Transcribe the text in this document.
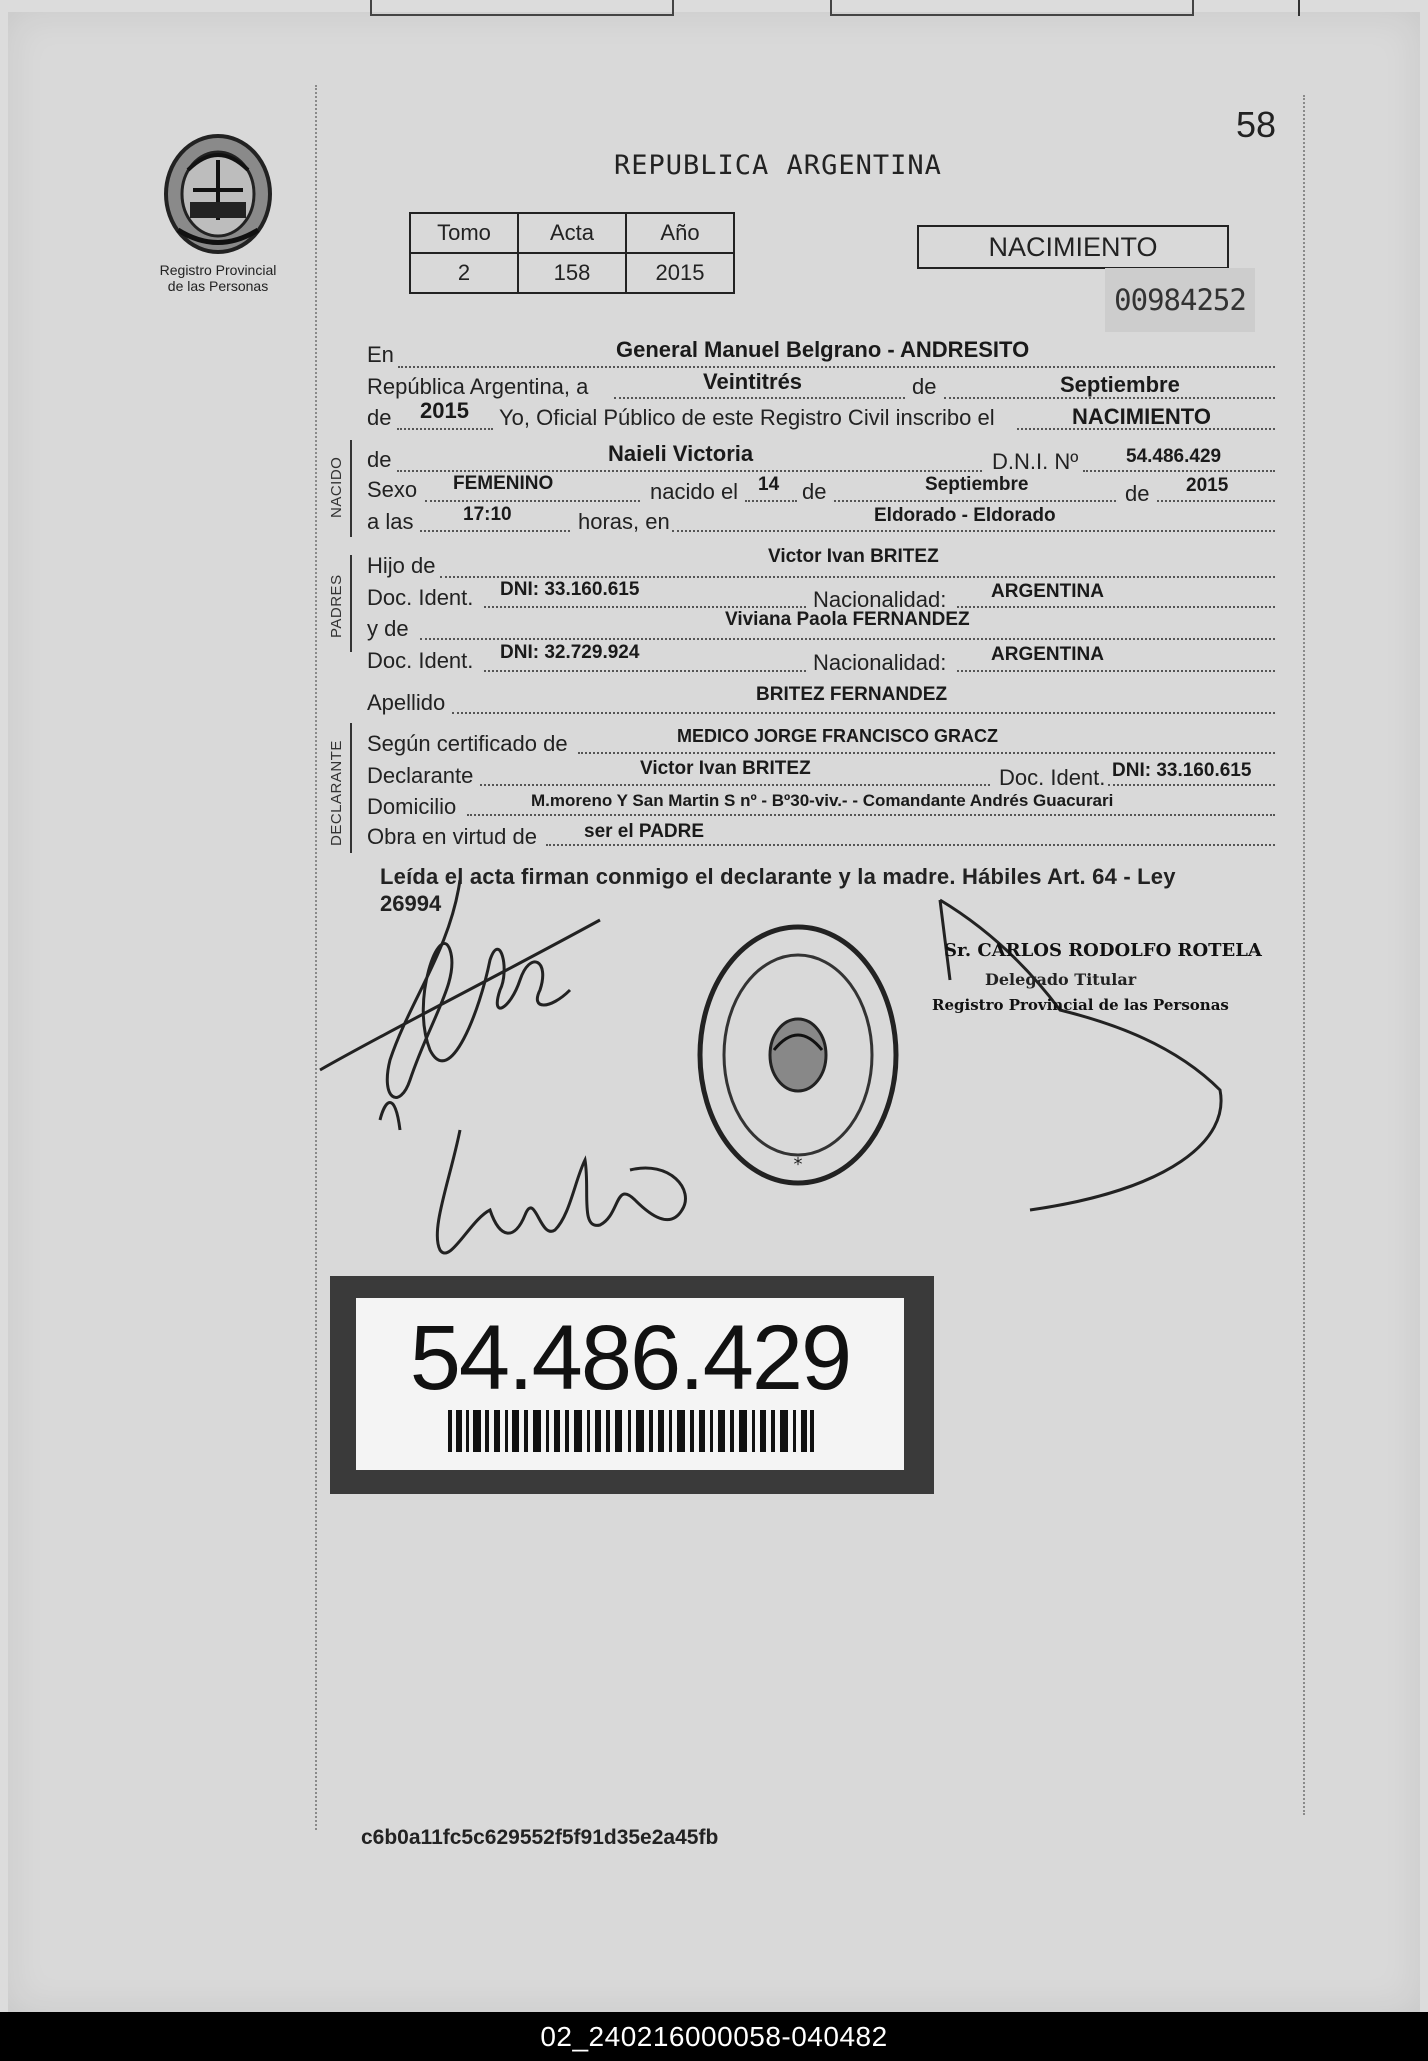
58
Registro Provincial
de las Personas
REPUBLICA ARGENTINA
Tomo	Acta	Año
2	158	2015
NACIMIENTO
00984252
NACIDO
PADRES
DECLARANTE
En	General Manuel Belgrano - ANDRESITO
República Argentina, a	Veintitrés	de	Septiembre
de 2015 Yo, Oficial Público de este Registro Civil inscribo el	NACIMIENTO
de	Naieli Victoria	D.N.I. Nº	54.486.429
Sexo FEMENINO	nacido el 14 de	Septiembre	de 2015
a las	17:10	horas, en	Eldorado - Eldorado
Hijo de	Victor Ivan BRITEZ
Doc. Ident. DNI: 33.160.615	Nacionalidad: ARGENTINA
y de	Viviana Paola FERNANDEZ
Doc. Ident. DNI: 32.729.924	Nacionalidad: ARGENTINA
Apellido	BRITEZ FERNANDEZ
Según certificado de	MEDICO JORGE FRANCISCO GRACZ
Declarante	Victor Ivan BRITEZ	Doc. Ident. DNI: 33.160.615
Domicilio	M.moreno Y San Martin S nº - Bº30-viv.- - Comandante Andrés Guacurari
Obra en virtud de ser el PADRE
Leída el acta firman conmigo el declarante y la madre. Hábiles Art. 64 - Ley
26994
*
Sr. CARLOS RODOLFO ROTELA
Delegado Titular
Registro Provincial de las Personas
54.486.429
c6b0a11fc5c629552f5f91d35e2a45fb
02_240216000058-040482
